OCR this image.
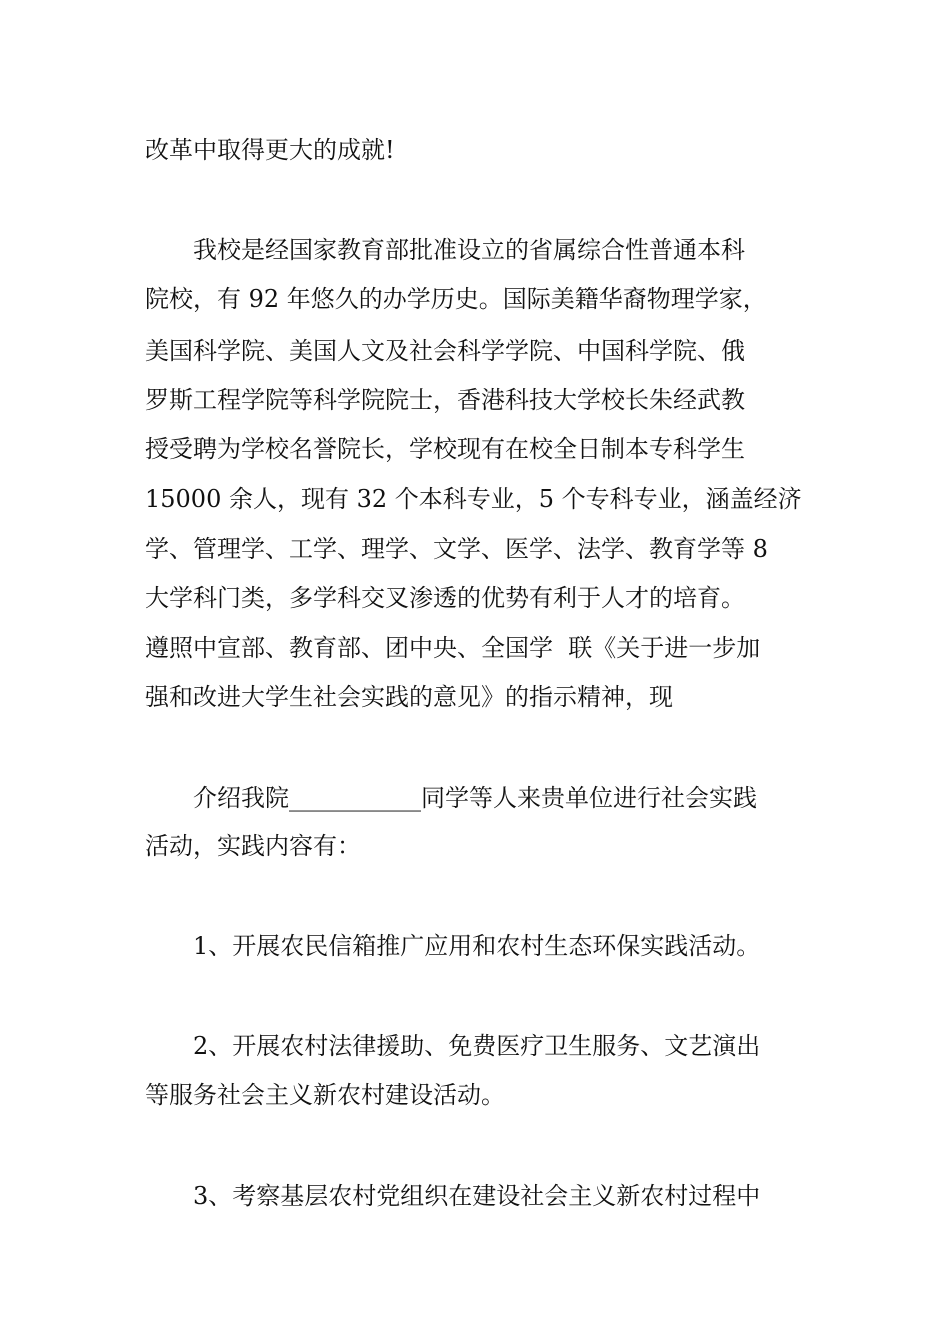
改革中取得更大的成就!
我校是经国家教育部批准设立的省属综合性普通本科
院校，有 92 年悠久的办学历史。国际美籍华裔物理学家，
美国科学院、美国人文及社会科学学院、中国科学院、俄
罗斯工程学院等科学院院士，香港科技大学校长朱经武教
授受聘为学校名誉院长，学校现有在校全日制本专科学生
15000 余人，现有 32 个本科专业，5 个专科专业，涵盖经济
学、管理学、工学、理学、文学、医学、法学、教育学等 8
大学科门类，多学科交叉渗透的优势有利于人才的培育。
遵照中宣部、教育部、团中央、全国学  联《关于进一步加
强和改进大学生社会实践的意见》的指示精神，现
介绍我院___________同学等人来贵单位进行社会实践
活动，实践内容有：
1、开展农民信箱推广应用和农村生态环保实践活动。
2、开展农村法律援助、免费医疗卫生服务、文艺演出
等服务社会主义新农村建设活动。
3、考察基层农村党组织在建设社会主义新农村过程中
